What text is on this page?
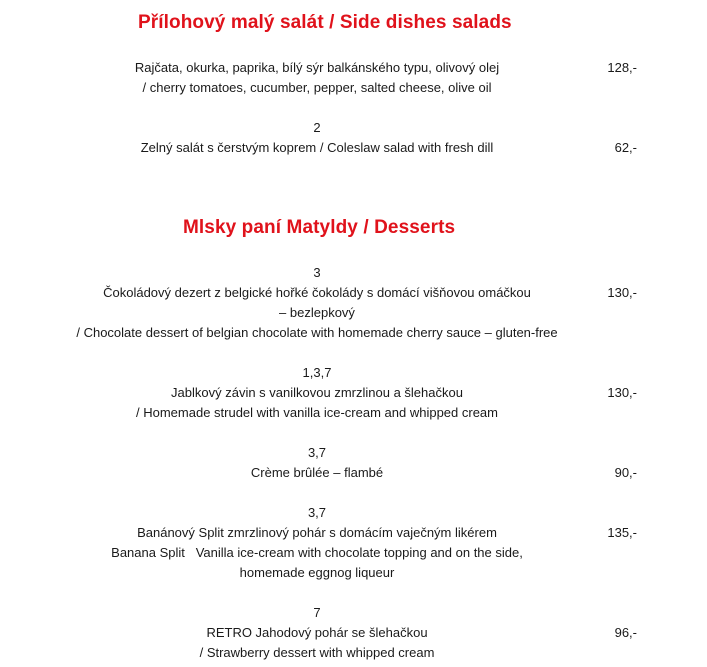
Přílohový malý salát / Side dishes salads
Rajčata, okurka, paprika, bílý sýr balkánského typu, olivový olej
/ cherry tomatoes, cucumber, pepper, salted cheese, olive oil
128,-
2
Zelný salát s čerstvým koprem / Coleslaw salad with fresh dill	62,-
Mlsky paní Matyldy / Desserts
3
Čokoládový dezert z belgické hořké čokolády s domácí višňovou omáčkou
– bezlepkový
/ Chocolate dessert of belgian chocolate with homemade cherry sauce – gluten-free
130,-
1,3,7
Jablkový závin s vanilkovou zmrzlinou a šlehačkou
/ Homemade strudel with vanilla ice-cream and whipped cream
130,-
3,7
Crème brûlée – flambé	90,-
3,7
Banánový Split zmrzlinový pohár s domácím vaječným likérem
Banana Split   Vanilla ice-cream with chocolate topping and on the side,
homemade eggnog liqueur
135,-
7
RETRO Jahodový pohár se šlehačkou
/ Strawberry dessert with whipped cream
96,-
